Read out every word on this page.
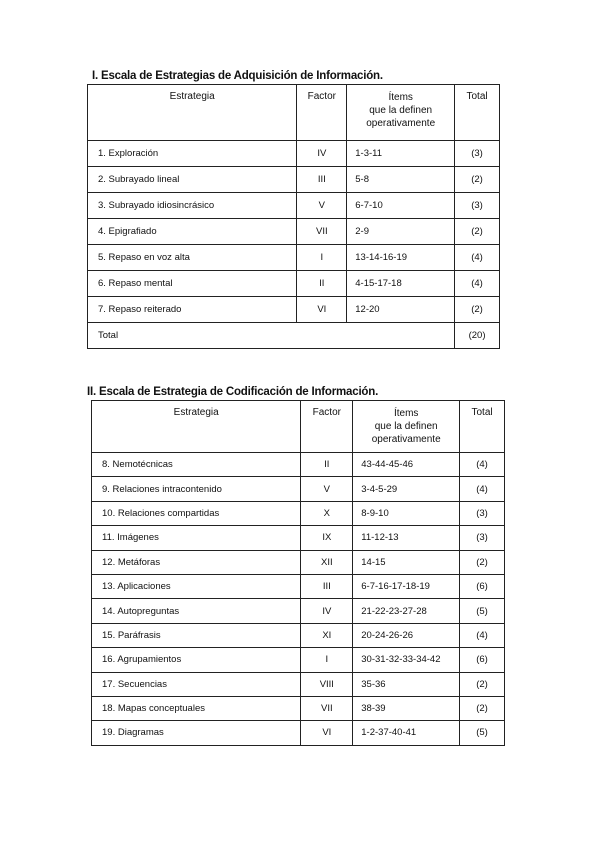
I. Escala de Estrategias de Adquisición de Información.
Estrategia	Factor	Ítems
que la definen
operativamente	Total
1. Exploración	IV	1-3-11	(3)
2. Subrayado lineal	III	5-8	(2)
3. Subrayado idiosincrásico	V	6-7-10	(3)
4. Epigrafiado	VII	2-9	(2)
5. Repaso en voz alta	I	13-14-16-19	(4)
6. Repaso mental	II	4-15-17-18	(4)
7. Repaso reiterado	VI	12-20	(2)
Total			(20)
II. Escala de Estrategia de Codificación de Información.
Estrategia	Factor	Ítems
que la definen
operativamente	Total
8. Nemotécnicas	II	43-44-45-46	(4)
9. Relaciones intracontenido	V	3-4-5-29	(4)
10. Relaciones compartidas	X	8-9-10	(3)
11. Imágenes	IX	11-12-13	(3)
12. Metáforas	XII	14-15	(2)
13. Aplicaciones	III	6-7-16-17-18-19	(6)
14. Autopreguntas	IV	21-22-23-27-28	(5)
15. Paráfrasis	XI	20-24-26-26	(4)
16. Agrupamientos	I	30-31-32-33-34-42	(6)
17. Secuencias	VIII	35-36	(2)
18. Mapas conceptuales	VII	38-39	(2)
19. Diagramas	VI	1-2-37-40-41	(5)
